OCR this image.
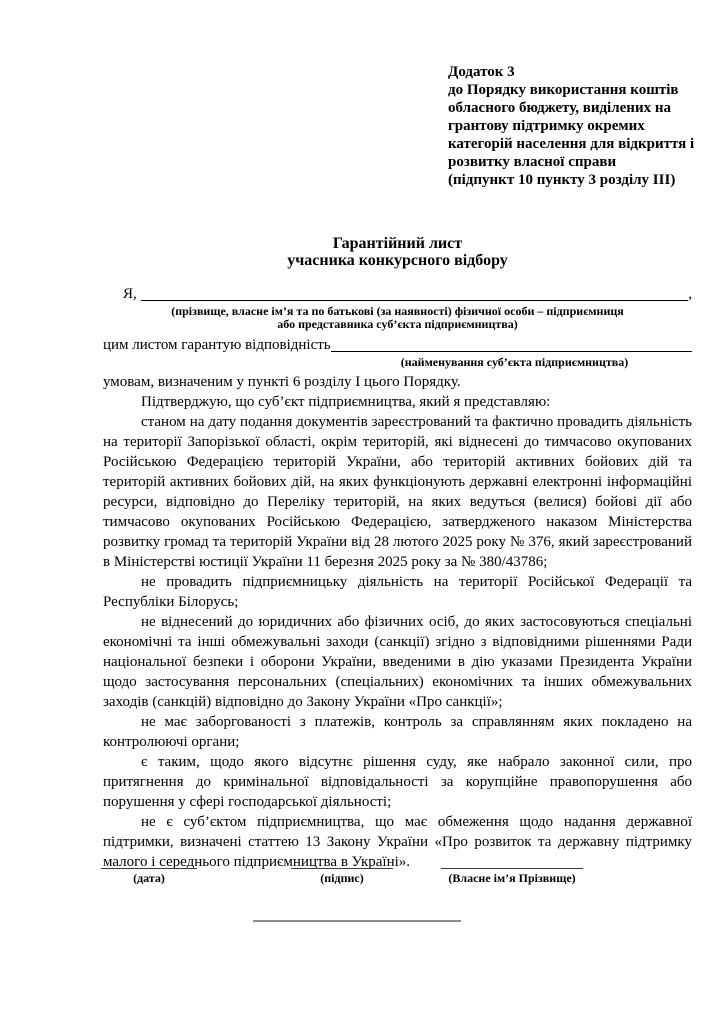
Додаток 3
до Порядку використання коштів
обласного бюджету, виділених на
грантову підтримку окремих
категорій населення для відкриття і
розвитку власної справи
(підпункт 10 пункту 3 розділу III)
Гарантійний лист
учасника конкурсного відбору
Я,
	,
(прізвище, власне ім’я та по батькові (за наявності) фізичної особи – підприємниця
або представника суб’єкта підприємництва)
цим листом гарантую відповідність
(найменування суб’єкта підприємництва)
умовам, визначеним у пункті 6 розділу І цього Порядку.
Підтверджую, що суб’єкт підприємництва, який я представляю:
станом на дату подання документів зареєстрований та фактично провадить діяльність на території Запорізької області, окрім територій, які віднесені до тимчасово окупованих Російською Федерацією територій України, або територій активних бойових дій та територій активних бойових дій, на яких функціонують державні електронні інформаційні ресурси, відповідно до Переліку територій, на яких ведуться (велися) бойові дії або тимчасово окупованих Російською Федерацією, затвердженого наказом Міністерства розвитку громад та територій України від 28 лютого 2025 року № 376, який зареєстрований в Міністерстві юстиції України 11 березня 2025 року за № 380/43786;
не провадить підприємницьку діяльність на території Російської Федерації та Республіки Білорусь;
не віднесений до юридичних або фізичних осіб, до яких застосовуються спеціальні економічні та інші обмежувальні заходи (санкції) згідно з відповідними рішеннями Ради національної безпеки і оборони України, введеними в дію указами Президента України щодо застосування персональних (спеціальних) економічних та інших обмежувальних заходів (санкцій) відповідно до Закону України «Про санкції»;
не має заборгованості з платежів, контроль за справлянням яких покладено на контролюючі органи;
є таким, щодо якого відсутнє рішення суду, яке набрало законної сили, про притягнення до кримінальної відповідальності за корупційне правопорушення або порушення у сфері господарської діяльності;
не є суб’єктом підприємництва, що має обмеження щодо надання державної підтримки, визначені статтею 13 Закону України «Про розвиток та державну підтримку малого і середнього підприємництва в Україні».
(дата)	(підпис)	(Власне ім’я Прізвище)
